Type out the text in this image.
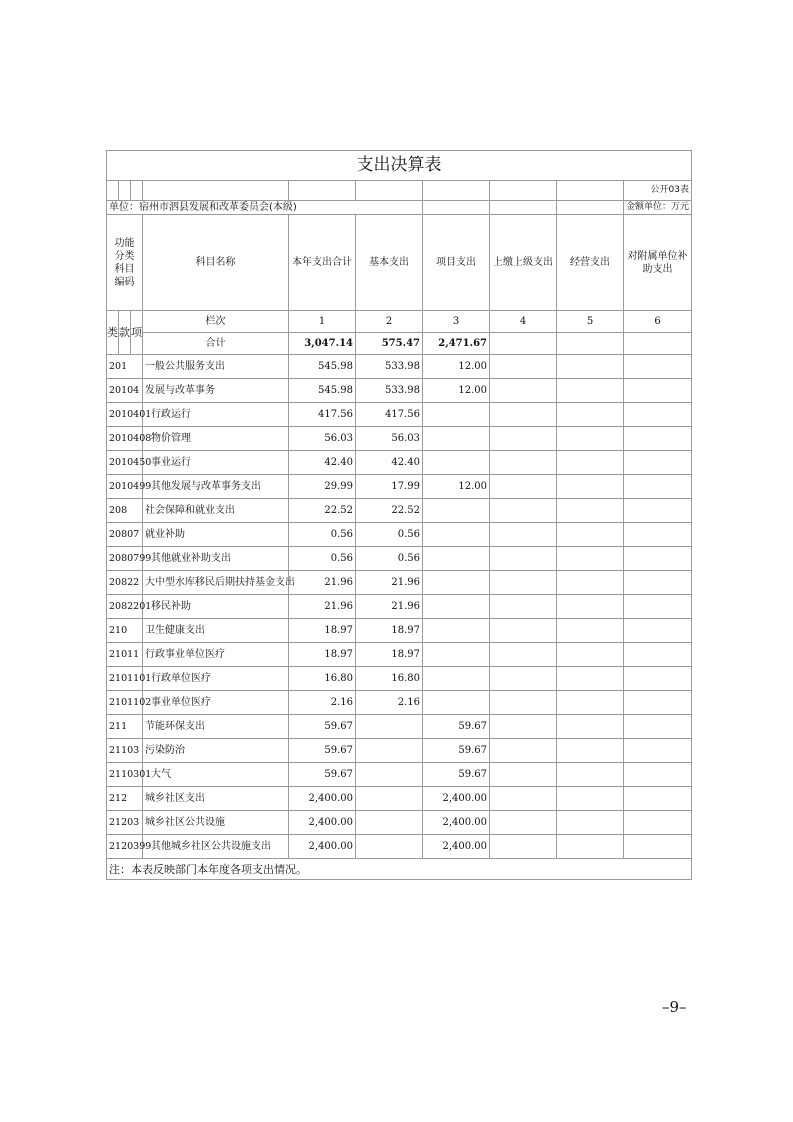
支出决算表									
									公开03表
单位：宿州市泗县发展和改革委员会(本级)									金额单位：万元
功能分类科目编码			科目名称	本年支出合计	基本支出	项目支出	上缴上级支出	经营支出	对附属单位补助支出
类	款	项	栏次	1	2	3	4	5	6
			合计	3,047.14	575.47	2,471.67			
201			一般公共服务支出	545.98	533.98	12.00			
20104			发展与改革事务	545.98	533.98	12.00			
2010401			行政运行	417.56	417.56				
2010408			物价管理	56.03	56.03				
2010450			事业运行	42.40	42.40				
2010499			其他发展与改革事务支出	29.99	17.99	12.00			
208			社会保障和就业支出	22.52	22.52				
20807			就业补助	0.56	0.56				
2080799			其他就业补助支出	0.56	0.56				
20822			大中型水库移民后期扶持基金支出	21.96	21.96				
2082201			移民补助	21.96	21.96				
210			卫生健康支出	18.97	18.97				
21011			行政事业单位医疗	18.97	18.97				
2101101			行政单位医疗	16.80	16.80				
2101102			事业单位医疗	2.16	2.16				
211			节能环保支出	59.67		59.67			
21103			污染防治	59.67		59.67			
2110301			大气	59.67		59.67			
212			城乡社区支出	2,400.00		2,400.00			
21203			城乡社区公共设施	2,400.00		2,400.00			
2120399			其他城乡社区公共设施支出	2,400.00		2,400.00			
注：本表反映部门本年度各项支出情况。									
–9–
